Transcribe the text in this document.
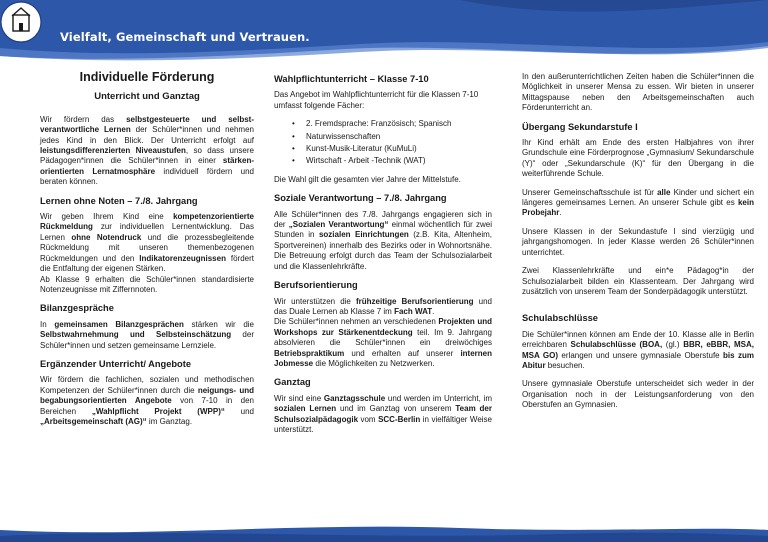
Vielfalt, Gemeinschaft und Vertrauen.
Individuelle Förderung
Unterricht und Ganztag

Wir fördern das selbstgesteuerte und selbst-verantwortliche Lernen der Schüler*innen und nehmen jedes Kind in den Blick. Der Unterricht erfolgt auf leistungsdifferenzierten Niveaustufen, so dass unsere Pädagogen*innen die Schüler*innen in einer stärken-orientierten Lernatmosphäre individuell fördern und beraten können.

Lernen ohne Noten – 7./8. Jahrgang

Wir geben Ihrem Kind eine kompetenzorientierte Rückmeldung zur individuellen Lernentwicklung. Das Lernen ohne Notendruck und die prozessbegleitende Rückmeldung mit unseren themenbezogenen Rückmeldungen und den Indikatorenzeugnissen fördert die Entfaltung der eigenen Stärken.

Ab Klasse 9 erhalten die Schüler*innen standardisierte Notenzeugnisse mit Ziffernnoten.

Bilanzgespräche

In gemeinsamen Bilanzgesprächen stärken wir die Selbstwahrnehmung und Selbsteinschätzung der Schüler*innen und setzen gemeinsame Lernziele.

Ergänzender Unterricht/ Angebote

Wir fördern die fachlichen, sozialen und methodischen Kompetenzen der Schüler*innen durch die neigungs- und begabungsorientierten Angebote von 7-10 in den Bereichen „Wahlpflicht Projekt (WPP)“ und „Arbeitsgemeinschaft (AG)“ im Ganztag.

Wahlpflichtunterricht – Klasse 7-10

Das Angebot im Wahlpflichtunterricht für die Klassen 7-10 umfasst folgende Fächer:

• 2. Fremdsprache: Französisch; Spanisch
• Naturwissenschaften
• Kunst-Musik-Literatur (KuMuLi)
• Wirtschaft - Arbeit -Technik (WAT)

Die Wahl gilt die gesamten vier Jahre der Mittelstufe.

Soziale Verantwortung – 7./8. Jahrgang

Alle Schüler*innen des 7./8. Jahrgangs engagieren sich in der „Sozialen Verantwortung“ einmal wöchentlich für zwei Stunden in sozialen Einrichtungen (z.B. Kita, Altenheim, Sportvereinen) innerhalb des Bezirks oder in Wohnortsnähe. Die Betreuung erfolgt durch das Team der Schulsozialarbeit und die Klassenlehrkräfte.

Berufsorientierung

Wir unterstützen die frühzeitige Berufsorientierung und das Duale Lernen ab Klasse 7 im Fach WAT.

Die Schüler*innen nehmen an verschiedenen Projekten und Workshops zur Stärkenentdeckung teil. Im 9. Jahrgang absolvieren die Schüler*innen ein dreiwöchiges Betriebspraktikum und erhalten auf unserer internen Jobmesse die Möglichkeiten zu Netzwerken.

Ganztag

Wir sind eine Ganztagsschule und werden im Unterricht, im sozialen Lernen und im Ganztag von unserem Team der Schulsozialpädagogik vom SCC-Berlin in vielfältiger Weise unterstützt.

In den außerunterrichtlichen Zeiten haben die Schüler*innen die Möglichkeit in unserer Mensa zu essen. Wir bieten in unserer Mittagspause neben den Arbeitsgemeinschaften auch Förderunterricht an.

Übergang Sekundarstufe I

Ihr Kind erhält am Ende des ersten Halbjahres von ihrer Grundschule eine Förderprognose „Gymnasium/ Sekundarschule (Y)“ oder „Sekundarschule (K)“ für den Übergang in die weiterführende Schule.

Unserer Gemeinschaftsschule ist für alle Kinder und sichert ein längeres gemeinsames Lernen. An unserer Schule gibt es kein Probejahr.

Unsere Klassen in der Sekundastufe I sind vierzügig und jahrgangshomogen. In jeder Klasse werden 26 Schüler*innen unterrichtet.

Zwei Klassenlehrkräfte und ein*e Pädagog*in der Schulsozialarbeit bilden ein Klassenteam. Der Jahrgang wird zusätzlich von unserem Team der Sonderpädagogik unterstützt.

Schulabschlüsse

Die Schüler*innen können am Ende der 10. Klasse alle in Berlin erreichbaren Schulabschlüsse (BOA, (gl.) BBR, eBBR, MSA, MSA GO) erlangen und unsere gymnasiale Oberstufe bis zum Abitur besuchen.

Unsere gymnasiale Oberstufe unterscheidet sich weder in der Organisation noch in der Leistungsanforderung von den Oberstufen an Gymnasien.
